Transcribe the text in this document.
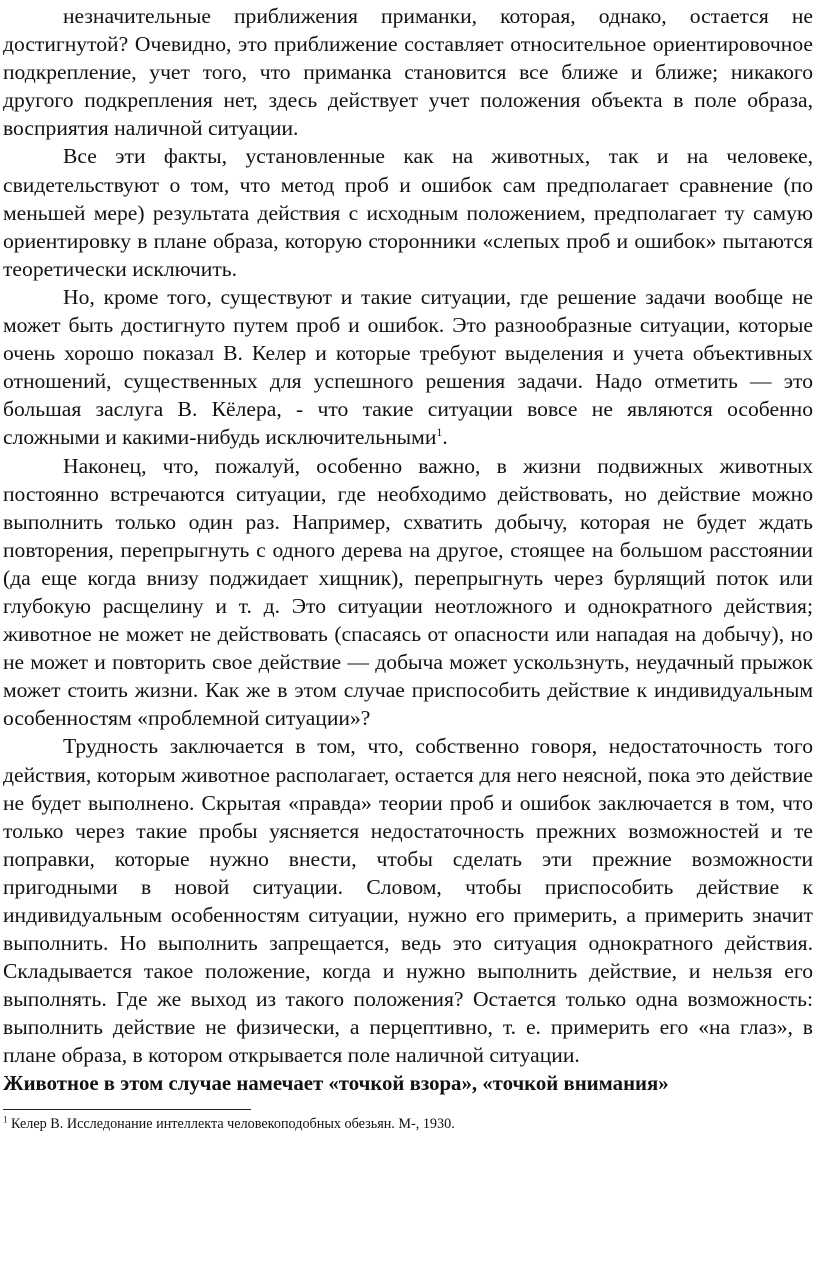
незначительные приближения приманки, которая, однако, остается не достигнутой? Очевидно, это приближение составляет относительное ориентировочное подкрепление, учет того, что приманка становится все ближе и ближе; никакого другого подкрепления нет, здесь действует учет положения объекта в поле образа, восприятия наличной ситуации.

Все эти факты, установленные как на животных, так и на человеке, свидетельствуют о том, что метод проб и ошибок сам предполагает сравнение (по меньшей мере) результата действия с исходным положением, предполагает ту самую ориентировку в плане образа, которую сторонники «слепых проб и ошибок» пытаются теоретически исключить.

Но, кроме того, существуют и такие ситуации, где решение задачи вообще не может быть достигнуто путем проб и ошибок. Это разнообразные ситуации, которые очень хорошо показал В. Келер и которые требуют выделения и учета объективных отношений, существенных для успешного решения задачи. Надо отметить — это большая заслуга В. Кёлера, - что такие ситуации вовсе не являются особенно сложными и какими-нибудь исключительными$^1$.

Наконец, что, пожалуй, особенно важно, в жизни подвижных животных постоянно встречаются ситуации, где необходимо действовать, но действие можно выполнить только один раз. Например, схватить добычу, которая не будет ждать повторения, перепрыгнуть с одного дерева на другое, стоящее на большом расстоянии (да еще когда внизу поджидает хищник), перепрыгнуть через бурлящий поток или глубокую расщелину и т. д. Это ситуации неотложного и однократного действия; животное не может не действовать (спасаясь от опасности или нападая на добычу), но не может и повторить свое действие — добыча может ускользнуть, неудачный прыжок может стоить жизни. Как же в этом случае приспособить действие к индивидуальным особенностям «проблемной ситуации»?

Трудность заключается в том, что, собственно говоря, недостаточность того действия, которым животное располагает, остается для него неясной, пока это действие не будет выполнено. Скрытая «правда» теории проб и ошибок заключается в том, что только через такие пробы уясняется недостаточность прежних возможностей и те поправки, которые нужно внести, чтобы сделать эти прежние возможности пригодными в новой ситуации. Словом, чтобы приспособить действие к индивидуальным особенностям ситуации, нужно его примерить, а примерить значит выполнить. Но выполнить запрещается, ведь это ситуация однократного действия. Складывается такое положение, когда и нужно выполнить действие, и нельзя его выполнять. Где же выход из такого положения? Остается только одна возможность: выполнить действие не физически, а перцептивно, т. е. примерить его «на глаз», в плане образа, в котором открывается поле наличной ситуации.

Животное в этом случае намечает «точкой взора», «точкой внимания»

$^1$ Келер В. Исследонание интеллекта человекоподобных обезьян. М-, 1930.
